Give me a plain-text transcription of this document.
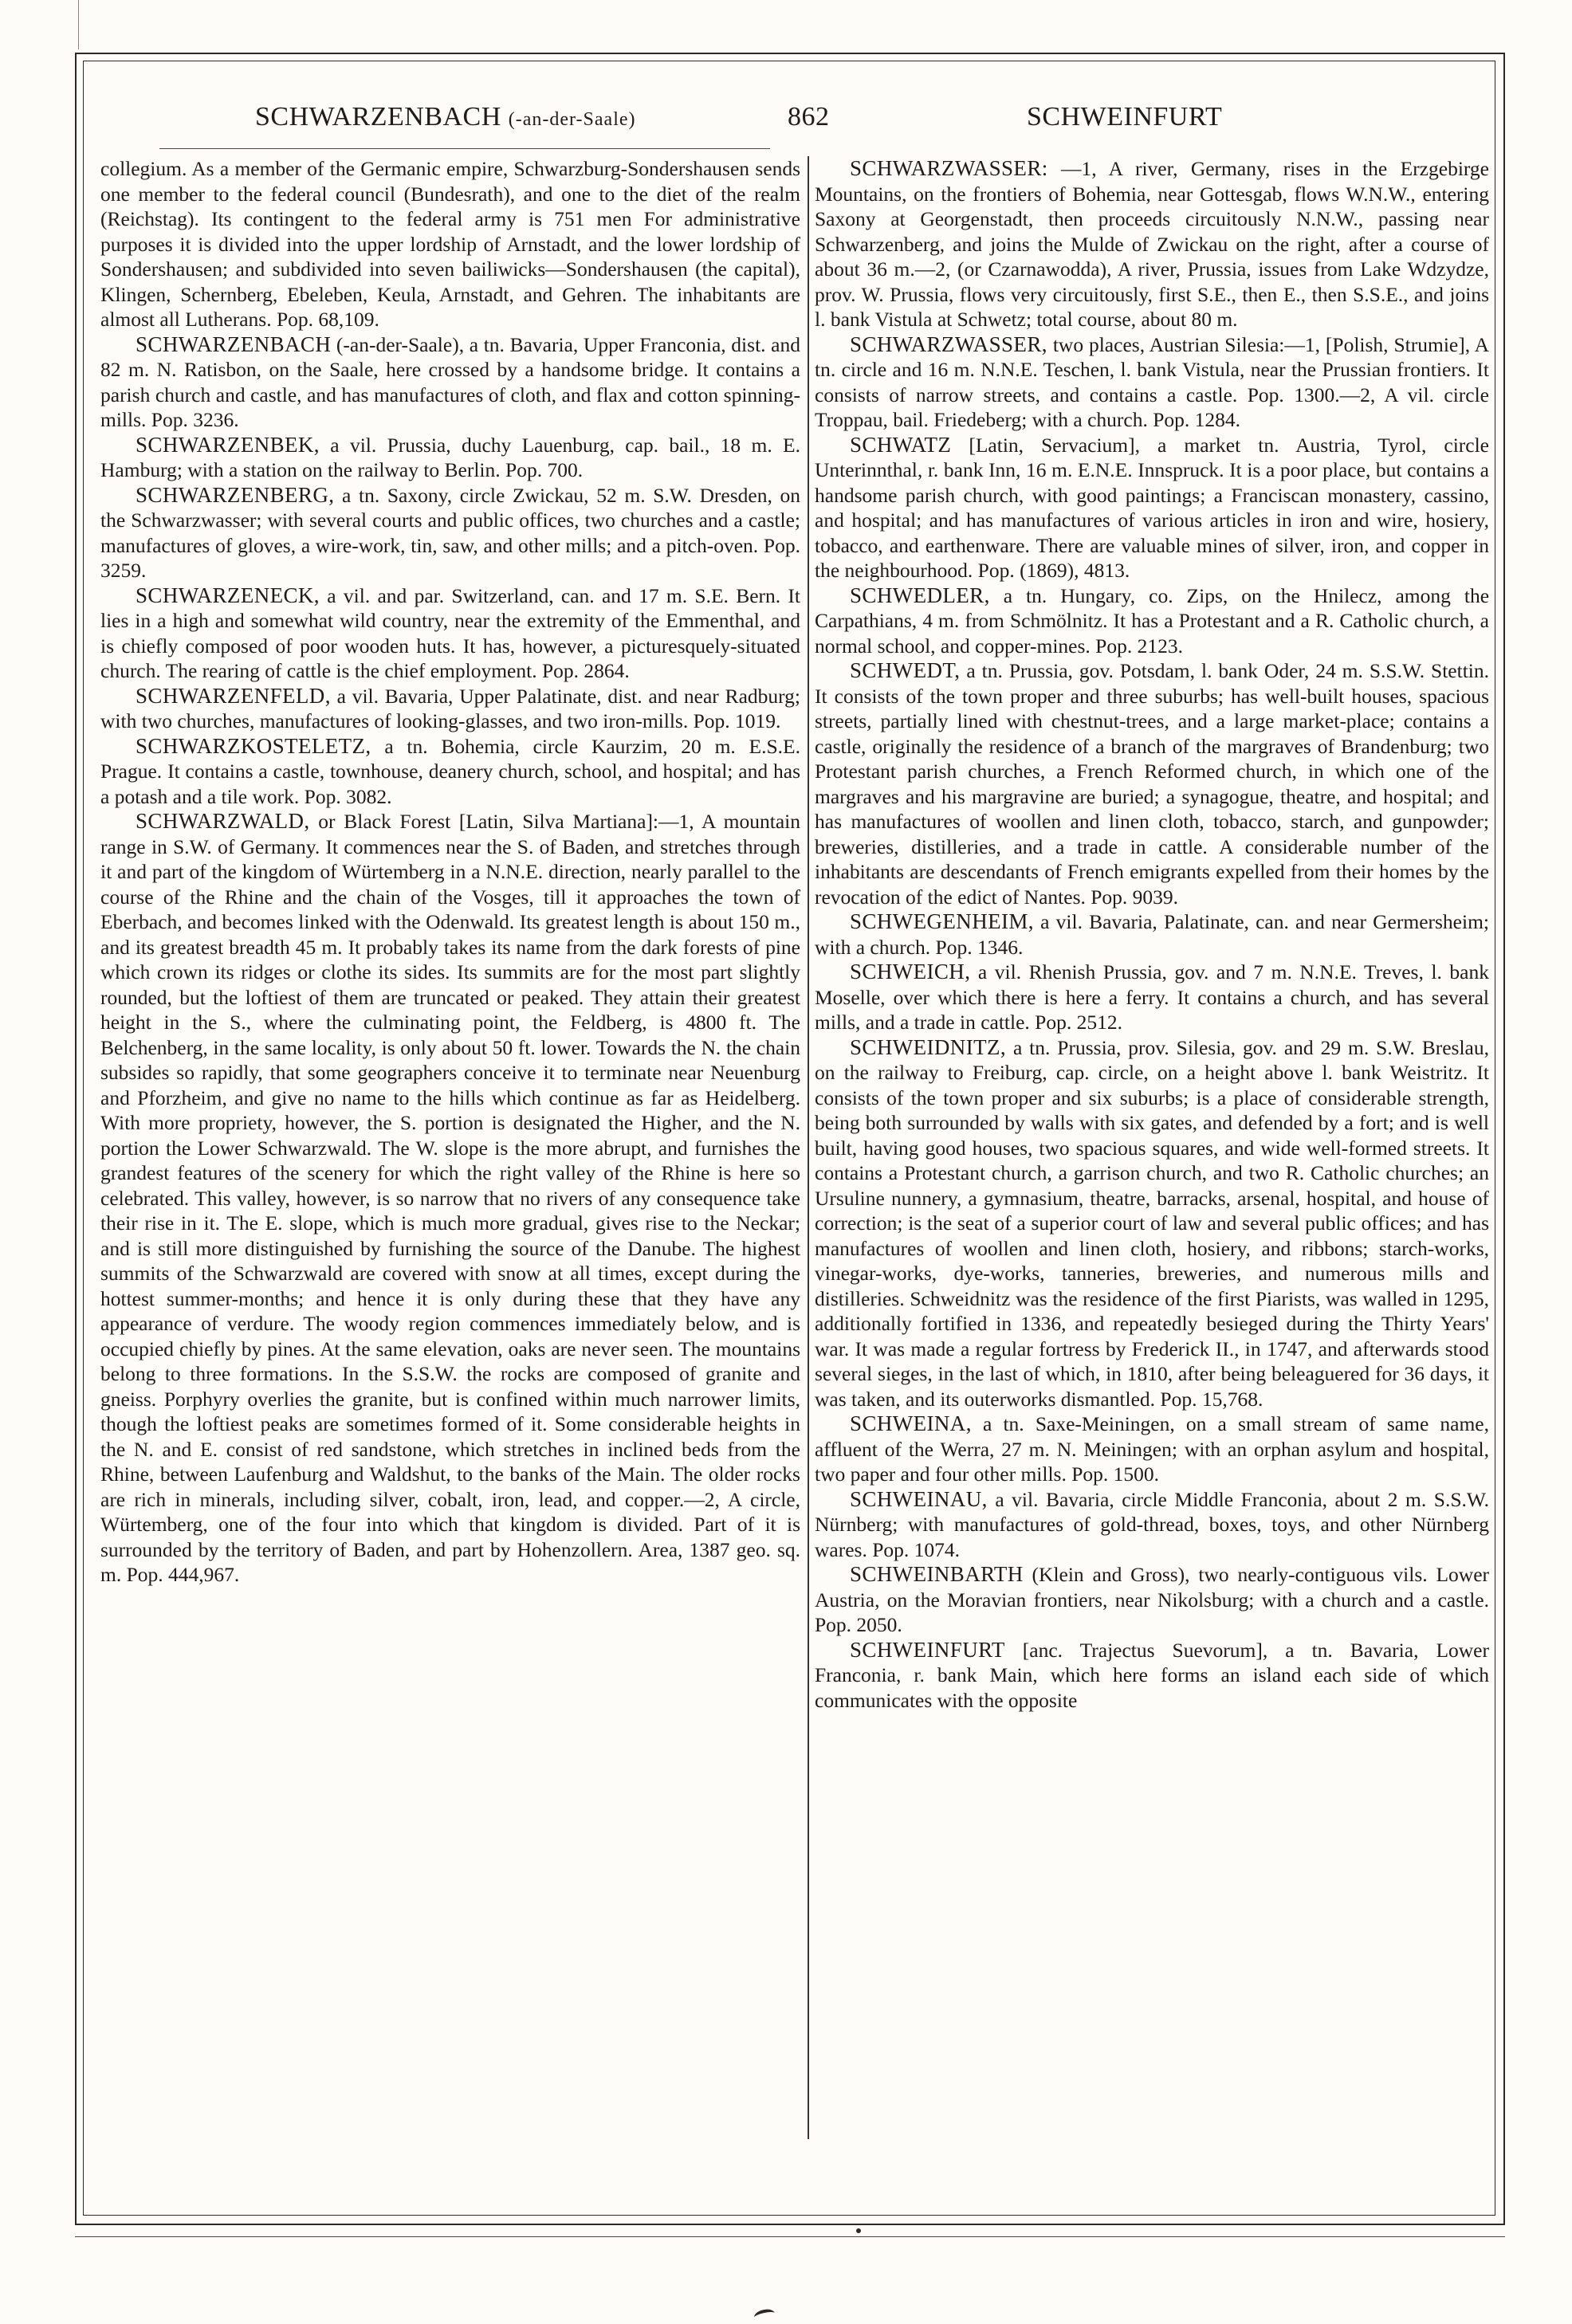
SCHWARZENBACH (-an-der-Saale)	862	SCHWEINFURT

collegium. As a member of the Germanic empire, Schwarzburg-Sondershausen sends one member to the federal council (Bundesrath), and one to the diet of the realm (Reichstag). Its contingent to the federal army is 751 men For administrative purposes it is divided into the upper lordship of Arnstadt, and the lower lordship of Sondershausen; and subdivided into seven bailiwicks—Sondershausen (the capital), Klingen, Schernberg, Ebeleben, Keula, Arnstadt, and Gehren. The inhabitants are almost all Lutherans. Pop. 68,109.

SCHWARZENBACH (-an-der-Saale), a tn. Bavaria, Upper Franconia, dist. and 82 m. N. Ratisbon, on the Saale, here crossed by a handsome bridge. It contains a parish church and castle, and has manufactures of cloth, and flax and cotton spinning-mills. Pop. 3236.

SCHWARZENBEK, a vil. Prussia, duchy Lauenburg, cap. bail., 18 m. E. Hamburg; with a station on the railway to Berlin. Pop. 700.

SCHWARZENBERG, a tn. Saxony, circle Zwickau, 52 m. S.W. Dresden, on the Schwarzwasser; with several courts and public offices, two churches and a castle; manufactures of gloves, a wire-work, tin, saw, and other mills; and a pitch-oven. Pop. 3259.

SCHWARZENECK, a vil. and par. Switzerland, can. and 17 m. S.E. Bern. It lies in a high and somewhat wild country, near the extremity of the Emmenthal, and is chiefly composed of poor wooden huts. It has, however, a picturesquely-situated church. The rearing of cattle is the chief employment. Pop. 2864.

SCHWARZENFELD, a vil. Bavaria, Upper Palatinate, dist. and near Radburg; with two churches, manufactures of looking-glasses, and two iron-mills. Pop. 1019.

SCHWARZKOSTELETZ, a tn. Bohemia, circle Kaurzim, 20 m. E.S.E. Prague. It contains a castle, townhouse, deanery church, school, and hospital; and has a potash and a tile work. Pop. 3082.

SCHWARZWALD, or Black Forest [Latin, Silva Martiana]:—1, A mountain range in S.W. of Germany. It commences near the S. of Baden, and stretches through it and part of the kingdom of Würtemberg in a N.N.E. direction, nearly parallel to the course of the Rhine and the chain of the Vosges, till it approaches the town of Eberbach, and becomes linked with the Odenwald. Its greatest length is about 150 m., and its greatest breadth 45 m. It probably takes its name from the dark forests of pine which crown its ridges or clothe its sides. Its summits are for the most part slightly rounded, but the loftiest of them are truncated or peaked. They attain their greatest height in the S., where the culminating point, the Feldberg, is 4800 ft. The Belchenberg, in the same locality, is only about 50 ft. lower. Towards the N. the chain subsides so rapidly, that some geographers conceive it to terminate near Neuenburg and Pforzheim, and give no name to the hills which continue as far as Heidelberg. With more propriety, however, the S. portion is designated the Higher, and the N. portion the Lower Schwarzwald. The W. slope is the more abrupt, and furnishes the grandest features of the scenery for which the right valley of the Rhine is here so celebrated. This valley, however, is so narrow that no rivers of any consequence take their rise in it. The E. slope, which is much more gradual, gives rise to the Neckar; and is still more distinguished by furnishing the source of the Danube. The highest summits of the Schwarzwald are covered with snow at all times, except during the hottest summer-months; and hence it is only during these that they have any appearance of verdure. The woody region commences immediately below, and is occupied chiefly by pines. At the same elevation, oaks are never seen. The mountains belong to three formations. In the S.S.W. the rocks are composed of granite and gneiss. Porphyry overlies the granite, but is confined within much narrower limits, though the loftiest peaks are sometimes formed of it. Some considerable heights in the N. and E. consist of red sandstone, which stretches in inclined beds from the Rhine, between Laufenburg and Waldshut, to the banks of the Main. The older rocks are rich in minerals, including silver, cobalt, iron, lead, and copper.—2, A circle, Würtemberg, one of the four into which that kingdom is divided. Part of it is surrounded by the territory of Baden, and part by Hohenzollern. Area, 1387 geo. sq. m. Pop. 444,967.

SCHWARZWASSER: —1, A river, Germany, rises in the Erzgebirge Mountains, on the frontiers of Bohemia, near Gottesgab, flows W.N.W., entering Saxony at Georgenstadt, then proceeds circuitously N.N.W., passing near Schwarzenberg, and joins the Mulde of Zwickau on the right, after a course of about 36 m.—2, (or Czarnawodda), A river, Prussia, issues from Lake Wdzydze, prov. W. Prussia, flows very circuitously, first S.E., then E., then S.S.E., and joins l. bank Vistula at Schwetz; total course, about 80 m.

SCHWARZWASSER, two places, Austrian Silesia:—1, [Polish, Strumie], A tn. circle and 16 m. N.N.E. Teschen, l. bank Vistula, near the Prussian frontiers. It consists of narrow streets, and contains a castle. Pop. 1300.—2, A vil. circle Troppau, bail. Friedeberg; with a church. Pop. 1284.

SCHWATZ [Latin, Servacium], a market tn. Austria, Tyrol, circle Unterinnthal, r. bank Inn, 16 m. E.N.E. Innspruck. It is a poor place, but contains a handsome parish church, with good paintings; a Franciscan monastery, cassino, and hospital; and has manufactures of various articles in iron and wire, hosiery, tobacco, and earthenware. There are valuable mines of silver, iron, and copper in the neighbourhood. Pop. (1869), 4813.

SCHWEDLER, a tn. Hungary, co. Zips, on the Hnilecz, among the Carpathians, 4 m. from Schmölnitz. It has a Protestant and a R. Catholic church, a normal school, and copper-mines. Pop. 2123.

SCHWEDT, a tn. Prussia, gov. Potsdam, l. bank Oder, 24 m. S.S.W. Stettin. It consists of the town proper and three suburbs; has well-built houses, spacious streets, partially lined with chestnut-trees, and a large market-place; contains a castle, originally the residence of a branch of the margraves of Brandenburg; two Protestant parish churches, a French Reformed church, in which one of the margraves and his margravine are buried; a synagogue, theatre, and hospital; and has manufactures of woollen and linen cloth, tobacco, starch, and gunpowder; breweries, distilleries, and a trade in cattle. A considerable number of the inhabitants are descendants of French emigrants expelled from their homes by the revocation of the edict of Nantes. Pop. 9039.

SCHWEGENHEIM, a vil. Bavaria, Palatinate, can. and near Germersheim; with a church. Pop. 1346.

SCHWEICH, a vil. Rhenish Prussia, gov. and 7 m. N.N.E. Treves, l. bank Moselle, over which there is here a ferry. It contains a church, and has several mills, and a trade in cattle. Pop. 2512.

SCHWEIDNITZ, a tn. Prussia, prov. Silesia, gov. and 29 m. S.W. Breslau, on the railway to Freiburg, cap. circle, on a height above l. bank Weistritz. It consists of the town proper and six suburbs; is a place of considerable strength, being both surrounded by walls with six gates, and defended by a fort; and is well built, having good houses, two spacious squares, and wide well-formed streets. It contains a Protestant church, a garrison church, and two R. Catholic churches; an Ursuline nunnery, a gymnasium, theatre, barracks, arsenal, hospital, and house of correction; is the seat of a superior court of law and several public offices; and has manufactures of woollen and linen cloth, hosiery, and ribbons; starch-works, vinegar-works, dye-works, tanneries, breweries, and numerous mills and distilleries. Schweidnitz was the residence of the first Piarists, was walled in 1295, additionally fortified in 1336, and repeatedly besieged during the Thirty Years' war. It was made a regular fortress by Frederick II., in 1747, and afterwards stood several sieges, in the last of which, in 1810, after being beleaguered for 36 days, it was taken, and its outerworks dismantled. Pop. 15,768.

SCHWEINA, a tn. Saxe-Meiningen, on a small stream of same name, affluent of the Werra, 27 m. N. Meiningen; with an orphan asylum and hospital, two paper and four other mills. Pop. 1500.

SCHWEINAU, a vil. Bavaria, circle Middle Franconia, about 2 m. S.S.W. Nürnberg; with manufactures of gold-thread, boxes, toys, and other Nürnberg wares. Pop. 1074.

SCHWEINBARTH (Klein and Gross), two nearly-contiguous vils. Lower Austria, on the Moravian frontiers, near Nikolsburg; with a church and a castle. Pop. 2050.

SCHWEINFURT [anc. Trajectus Suevorum], a tn. Bavaria, Lower Franconia, r. bank Main, which here forms an island each side of which communicates with the opposite
